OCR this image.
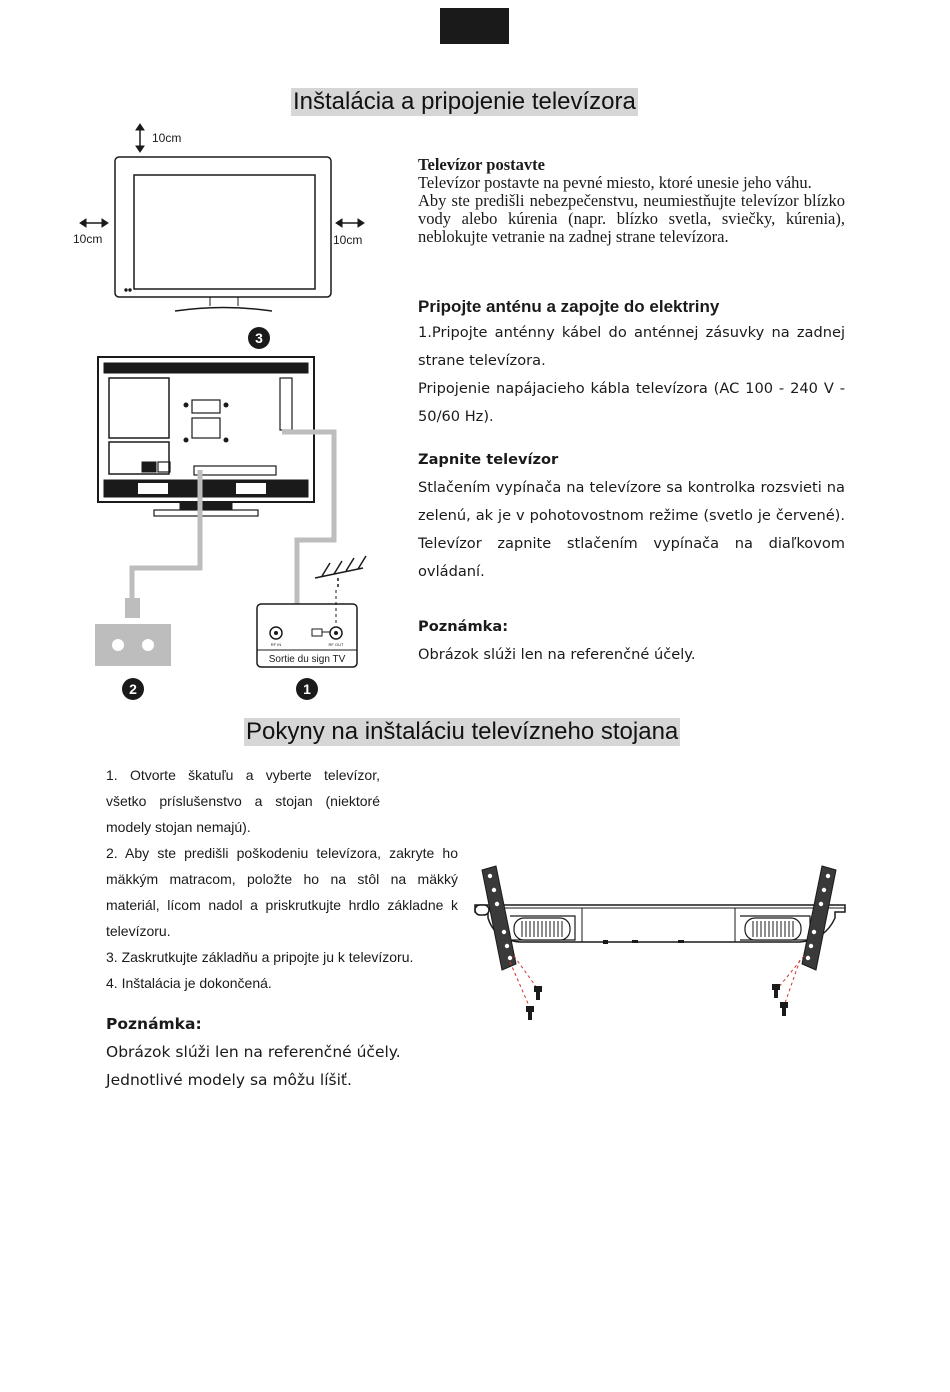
Inštalácia a pripojenie televízora
10cm
10cm	10cm
3
2
RF IN	RF OUT
Sortie du sign TV
1
Televízor postavte

Televízor postavte na pevné miesto, ktoré unesie jeho váhu.

Aby ste predišli nebezpečenstvu, neumiestňujte televízor blízko vody alebo kúrenia (napr. blízko svetla, sviečky, kúrenia), neblokujte vetranie na zadnej strane televízora.

Pripojte anténu a zapojte do elektriny

1.Pripojte anténny kábel do anténnej zásuvky na zadnej strane televízora.

Pripojenie napájacieho kábla televízora (AC 100 - 240 V - 50/60 Hz).

Zapnite televízor

Stlačením vypínača na televízore sa kontrolka rozsvieti na zelenú, ak je v pohotovostnom režime (svetlo je červené). Televízor zapnite stlačením vypínača na diaľkovom ovládaní.

Poznámka:

Obrázok slúži len na referenčné účely.

Pokyny na inštaláciu televízneho stojana

1. Otvorte škatuľu a vyberte televízor, všetko príslušenstvo a stojan (niektoré modely stojan nemajú).

2. Aby ste predišli poškodeniu televízora, zakryte ho mäkkým matracom, položte ho na stôl na mäkký materiál, lícom nadol a priskrutkujte hrdlo základne k televízoru.

3. Zaskrutkujte základňu a pripojte ju k televízoru.

4. Inštalácia je dokončená.

Poznámka:

Obrázok slúži len na referenčné účely.

Jednotlivé modely sa môžu líšiť.
